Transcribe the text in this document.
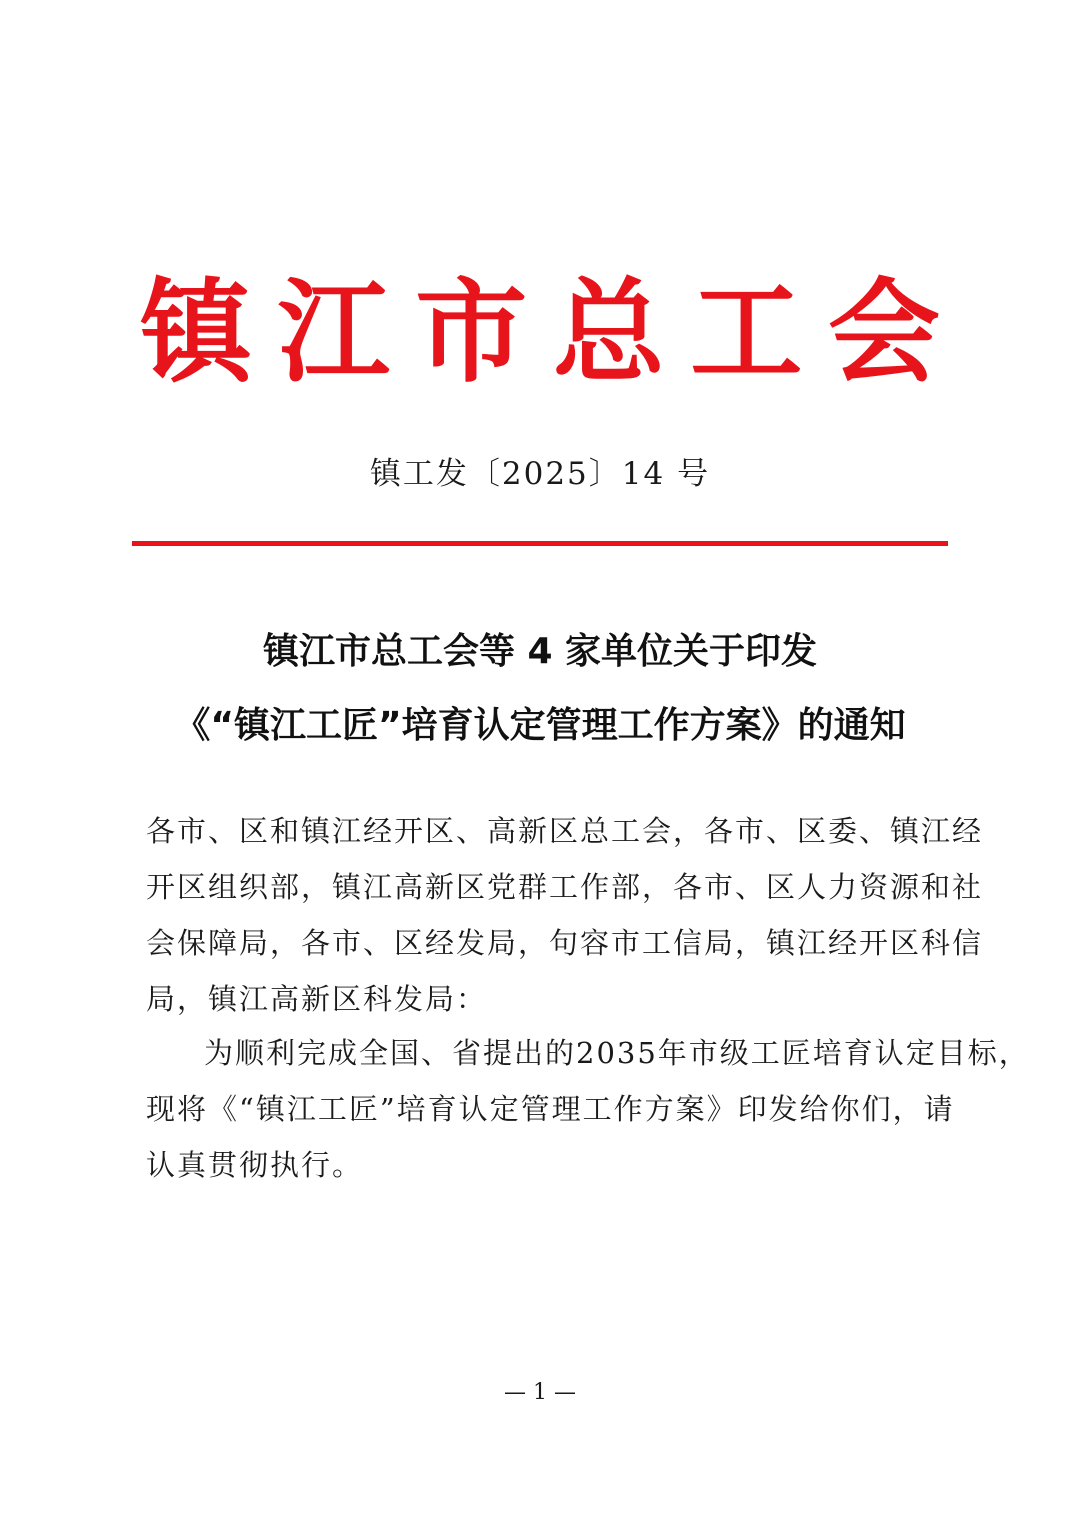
镇 江 市 总 工 会
镇工发〔2025〕14 号
镇江市总工会等 4 家单位关于印发
《“镇江工匠”培育认定管理工作方案》的通知
各市、区和镇江经开区、高新区总工会，各市、区委、镇江经
开区组织部，镇江高新区党群工作部，各市、区人力资源和社
会保障局，各市、区经发局，句容市工信局，镇江经开区科信
局，镇江高新区科发局：
为顺利完成全国、省提出的2035年市级工匠培育认定目标，
现将《“镇江工匠”培育认定管理工作方案》印发给你们，请
认真贯彻执行。
— 1 —
